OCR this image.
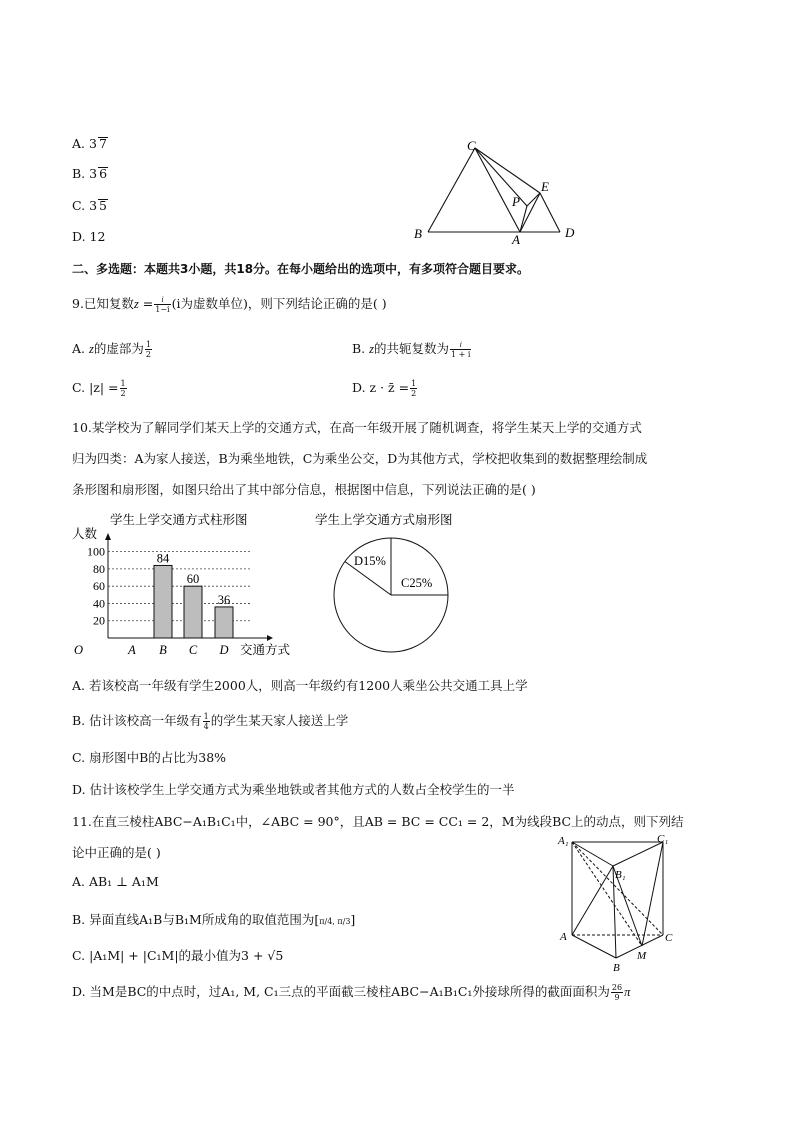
A. 3 7
B. 3 6
C. 3 5
D. 12
C
E
P
B	A	D
二、多选题：本题共3小题，共18分。在每小题给出的选项中，有多项符合题目要求。
9.已知复数$z = \frac{i}{1-i} (i$为虚数单位)，则下列结论正确的是( )
A. z的虚部为 $\frac{1}{2}$	B. z的共轭复数为 $\frac{i}{1 + i}$
C. $|z| = \frac{1}{2}$	D. z · z̄ = $\frac{1}{2}$
10.某学校为了解同学们某天上学的交通方式，在高一年级开展了随机调查，将学生某天上学的交通方式
归为四类：A为家人接送，B为乘坐地铁，C为乘坐公交，D为其他方式，学校把收集到的数据整理绘制成
条形图和扇形图，如图只给出了其中部分信息，根据图中信息，下列说法正确的是( )
学生上学交通方式柱形图
人数
O	交通方式
20
40
60
80
100
A
84
B
60
C
36
D
学生上学交通方式扇形图
D15%
C25%
A. 若该校高一年级有学生2000人，则高一年级约有1200人乘坐公共交通工具上学
B. 估计该校高一年级有 $\frac{1}{4}$ 的学生某天家人接送上学
C. 扇形图中B的占比为38%
D. 估计该校学生上学交通方式为乘坐地铁或者其他方式的人数占全校学生的一半
11.在直三棱柱ABC−A₁B₁C₁中，∠ABC = 90°，且AB = BC = CC₁ = 2，M为线段BC上的动点，则下列结
论中正确的是( )
A. AB₁ ⊥ A₁M
B. 异面直线A₁B与B₁M所成角的取值范围为[π/4, π/3]
C. |A₁M| + |C₁M|的最小值为3 + √5
D. 当M是BC的中点时，过A₁, M, C₁三点的平面截三棱柱ABC−A₁B₁C₁外接球所得的截面面积为 $\frac{26}{9}$ π
A₁	C₁
B₁
A	C
B
M
